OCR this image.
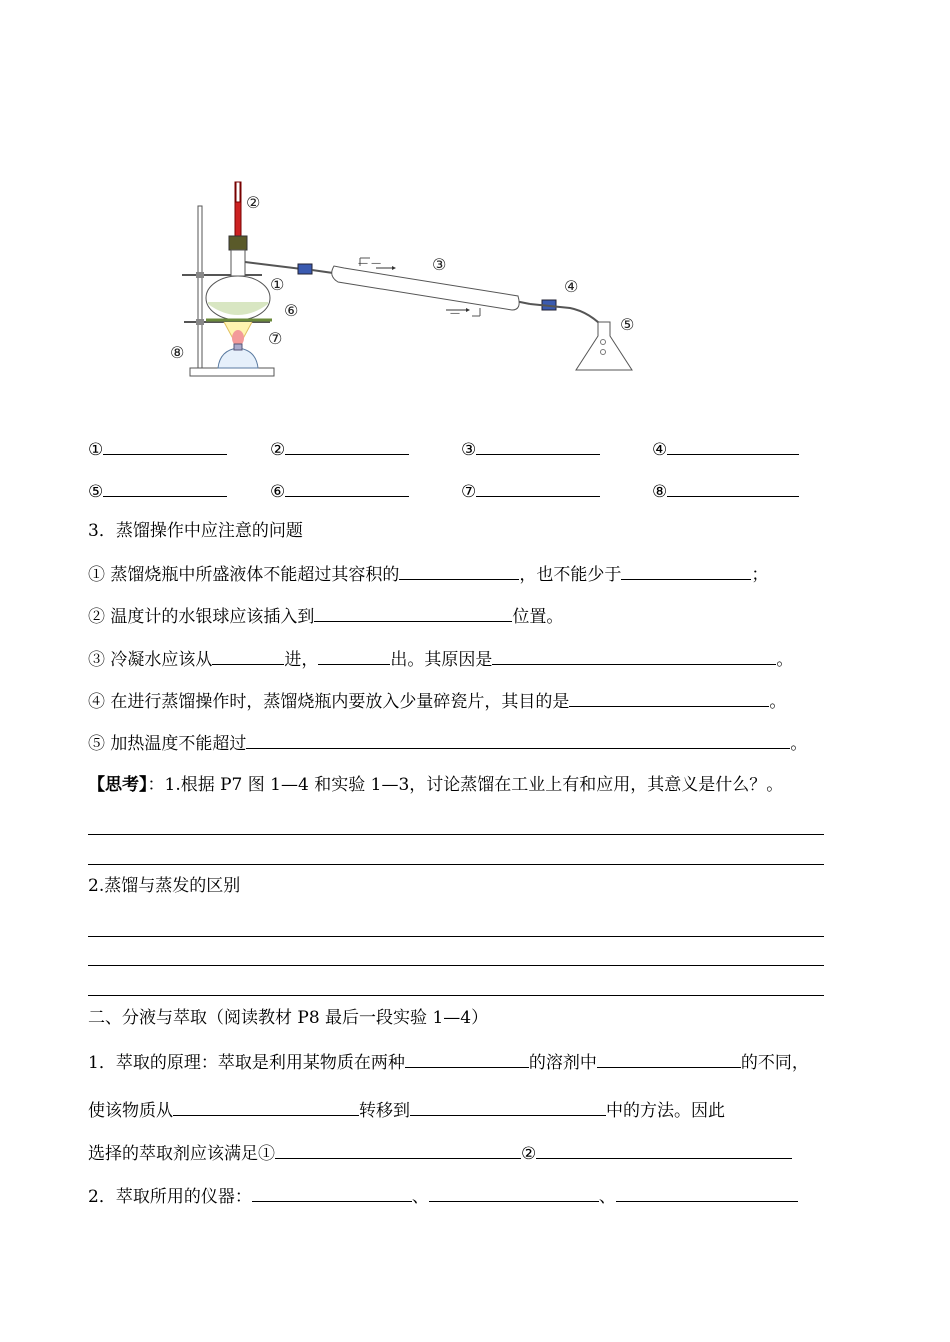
— —
—
②
③
①	④
⑥
⑤
⑦
⑧
①	②	③	④
⑤	⑥	⑦	⑧
3．蒸馏操作中应注意的问题
① 蒸馏烧瓶中所盛液体不能超过其容积的	，也不能少于	；
② 温度计的水银球应该插入到	位置。
③ 冷凝水应该从	进，	出。其原因是	。
④ 在进行蒸馏操作时，蒸馏烧瓶内要放入少量碎瓷片，其目的是	。
⑤ 加热温度不能超过	。
【思考】：1.根据 P7 图 1—4 和实验 1—3，讨论蒸馏在工业上有和应用，其意义是什么？。
2.蒸馏与蒸发的区别
二、分液与萃取（阅读教材 P8 最后一段实验 1—4）
1．萃取的原理：萃取是利用某物质在两种	的溶剂中	的不同，
使该物质从	转移到	中的方法。因此
选择的萃取剂应该满足①	②
2．萃取所用的仪器：	、	、
